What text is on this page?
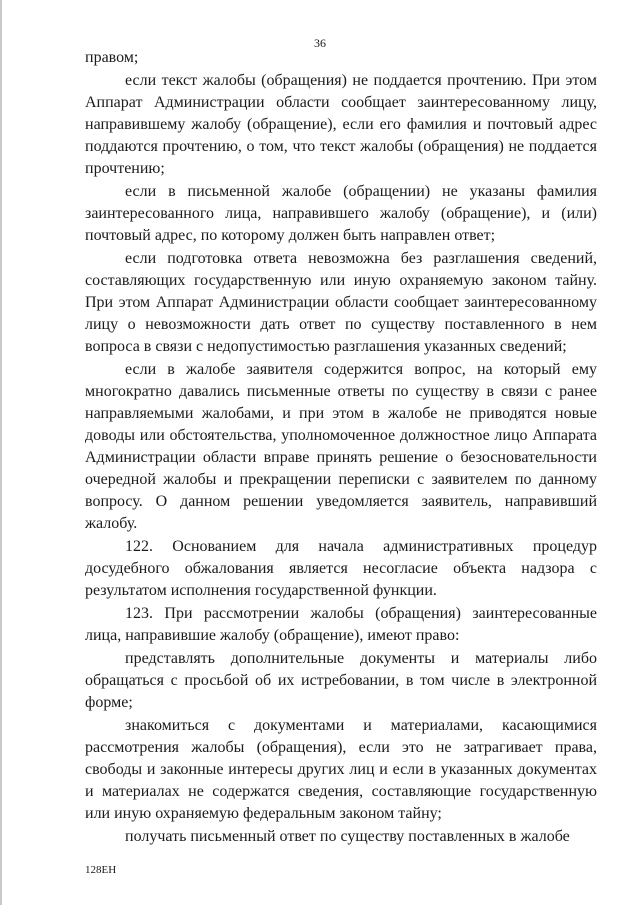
36

правом;

если текст жалобы (обращения) не поддается прочтению. При этом Аппарат Администрации области сообщает заинтересованному лицу, направившему жалобу (обращение), если его фамилия и почтовый адрес поддаются прочтению, о том, что текст жалобы (обращения) не поддается прочтению;

если в письменной жалобе (обращении) не указаны фамилия заинтересованного лица, направившего жалобу (обращение), и (или) почтовый адрес, по которому должен быть направлен ответ;

если подготовка ответа невозможна без разглашения сведений, составляющих государственную или иную охраняемую законом тайну. При этом Аппарат Администрации области сообщает заинтересованному лицу о невозможности дать ответ по существу поставленного в нем вопроса в связи с недопустимостью разглашения указанных сведений;

если в жалобе заявителя содержится вопрос, на который ему многократно давались письменные ответы по существу в связи с ранее направляемыми жалобами, и при этом в жалобе не приводятся новые доводы или обстоятельства, уполномоченное должностное лицо Аппарата Администрации области вправе принять решение о безосновательности очередной жалобы и прекращении переписки с заявителем по данному вопросу. О данном решении уведомляется заявитель, направивший жалобу.

122. Основанием для начала административных процедур досудебного обжалования является несогласие объекта надзора с результатом исполнения государственной функции.

123. При рассмотрении жалобы (обращения) заинтересованные лица, направившие жалобу (обращение), имеют право:

представлять дополнительные документы и материалы либо обращаться с просьбой об их истребовании, в том числе в электронной форме;

знакомиться с документами и материалами, касающимися рассмотрения жалобы (обращения), если это не затрагивает права, свободы и законные интересы других лиц и если в указанных документах и материалах не содержатся сведения, составляющие государственную или иную охраняемую федеральным законом тайну;

получать письменный ответ по существу поставленных в жалобе

128ЕН
